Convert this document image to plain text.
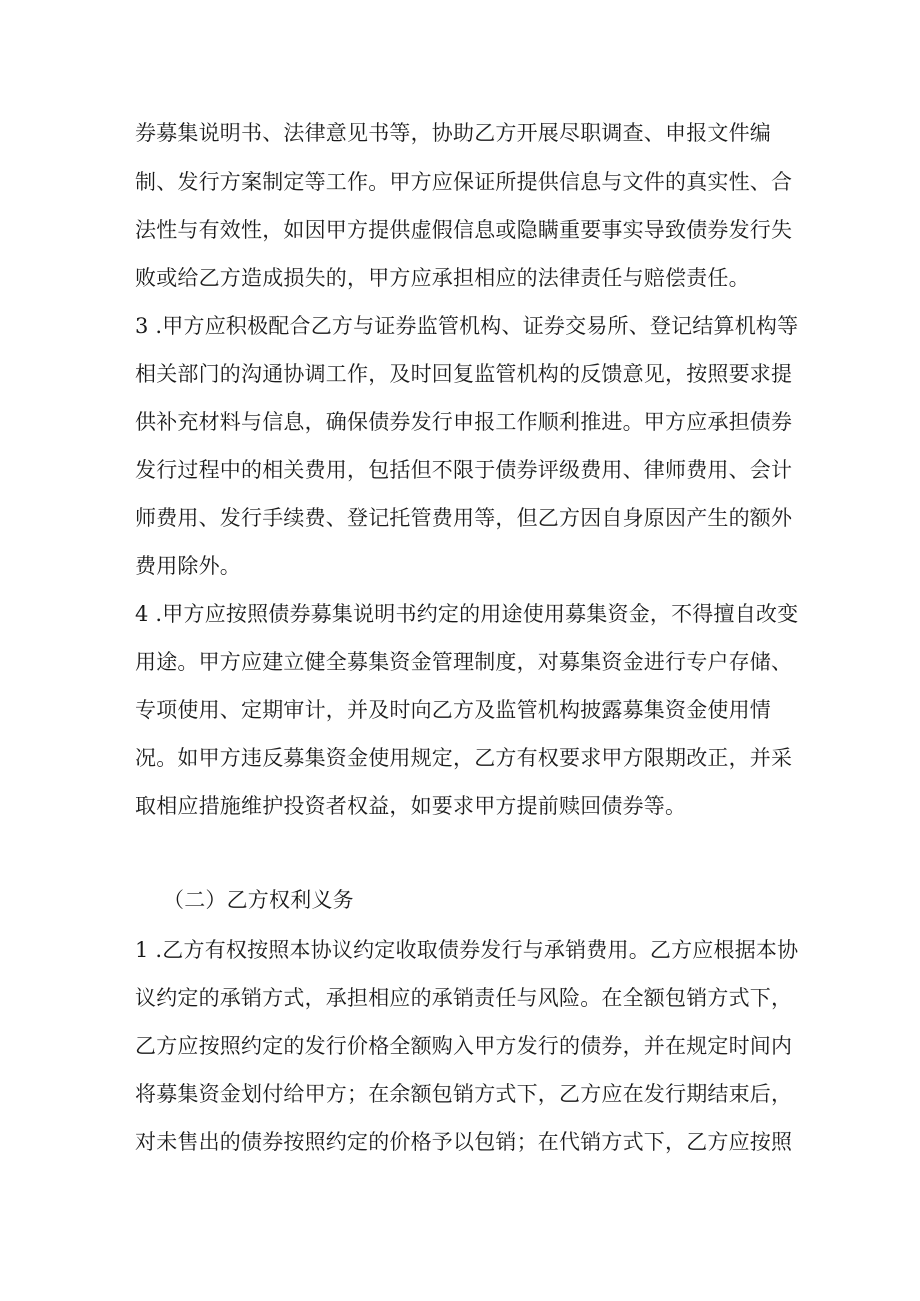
券募集说明书、法律意见书等，协助乙方开展尽职调查、申报文件编
制、发行方案制定等工作。甲方应保证所提供信息与文件的真实性、合
法性与有效性，如因甲方提供虚假信息或隐瞒重要事实导致债券发行失
败或给乙方造成损失的，甲方应承担相应的法律责任与赔偿责任。
3 .甲方应积极配合乙方与证券监管机构、证券交易所、登记结算机构等
相关部门的沟通协调工作，及时回复监管机构的反馈意见，按照要求提
供补充材料与信息，确保债券发行申报工作顺利推进。甲方应承担债券
发行过程中的相关费用，包括但不限于债券评级费用、律师费用、会计
师费用、发行手续费、登记托管费用等，但乙方因自身原因产生的额外
费用除外。
4 .甲方应按照债券募集说明书约定的用途使用募集资金，不得擅自改变
用途。甲方应建立健全募集资金管理制度，对募集资金进行专户存储、
专项使用、定期审计，并及时向乙方及监管机构披露募集资金使用情
况。如甲方违反募集资金使用规定，乙方有权要求甲方限期改正，并采
取相应措施维护投资者权益，如要求甲方提前赎回债券等。
（二）乙方权利义务
1 .乙方有权按照本协议约定收取债券发行与承销费用。乙方应根据本协
议约定的承销方式，承担相应的承销责任与风险。在全额包销方式下，
乙方应按照约定的发行价格全额购入甲方发行的债券，并在规定时间内
将募集资金划付给甲方；在余额包销方式下，乙方应在发行期结束后，
对未售出的债券按照约定的价格予以包销；在代销方式下，乙方应按照
